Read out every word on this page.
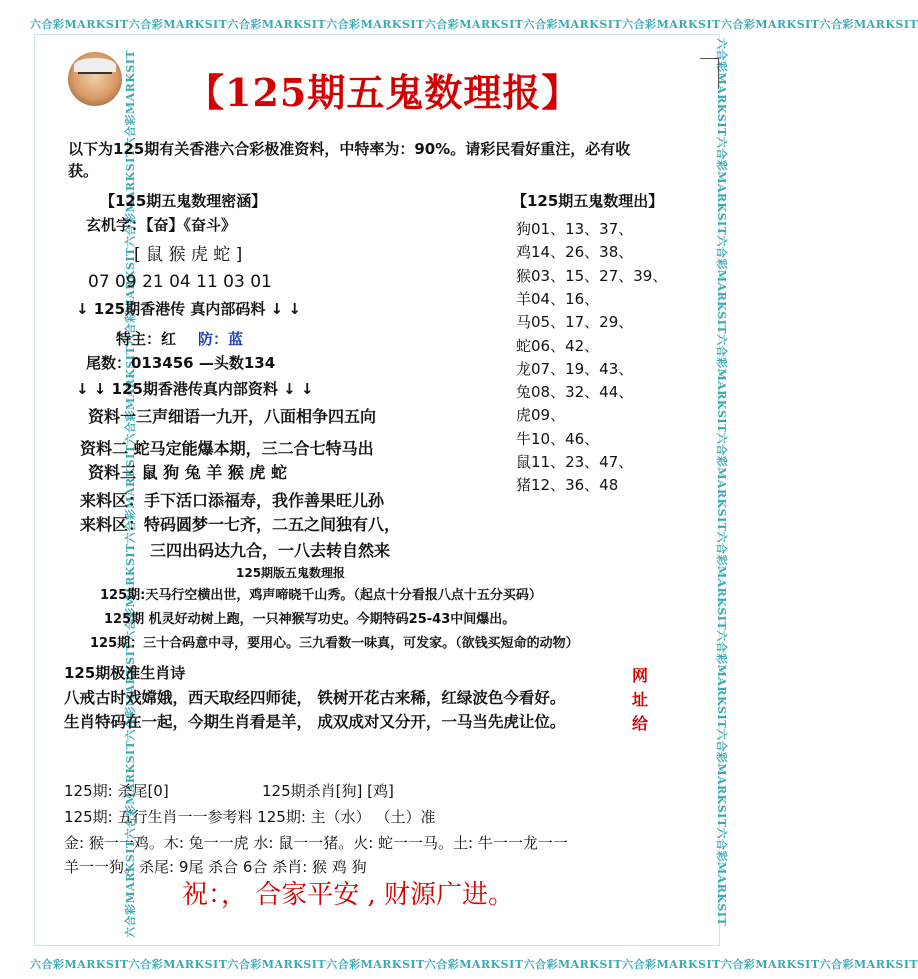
六合彩MARKSIT六合彩MARKSIT六合彩MARKSIT六合彩MARKSIT六合彩MARKSIT六合彩MARKSIT六合彩MARKSIT六合彩MARKSIT六合彩MARKSIT
六合彩MARKSIT六合彩MARKSIT六合彩MARKSIT六合彩MARKSIT六合彩MARKSIT六合彩MARKSIT六合彩MARKSIT六合彩MARKSIT六合彩MARKSIT
六合彩MARKSIT六合彩MARKSIT六合彩MARKSIT六合彩MARKSIT六合彩MARKSIT六合彩MARKSIT六合彩MARKSIT六合彩MARKSIT六合彩MARKSIT	六合彩MARKSIT六合彩MARKSIT六合彩MARKSIT六合彩MARKSIT六合彩MARKSIT六合彩MARKSIT六合彩MARKSIT六合彩MARKSIT六合彩MARKSIT
【125期五鬼数理报】
以下为125期有关香港六合彩极准资料，中特率为：90%。请彩民看好重注，必有收
获。
【125期五鬼数理密涵】
玄机字：【奋】《奋斗》
[ 鼠 猴 虎 蛇 ]
07 09 21 04 11 03 01
↓ 125期香港传 真内部码料 ↓ ↓
特主：红 防：蓝
尾数：013456 —头数134
↓ ↓ 125期香港传真内部资料 ↓ ↓
资料一三声细语一九开，八面相争四五向
资料二 蛇马定能爆本期，三二合七特马出
资料三 鼠 狗 兔 羊 猴 虎 蛇
来料区：手下活口添福寿，我作善果旺儿孙
来料区：特码圆梦一七齐，二五之间独有八，
三四出码达九合，一八去转自然来
【125期五鬼数理出】
狗01、13、37、
鸡14、26、38、
猴03、15、27、39、
羊04、16、
马05、17、29、
蛇06、42、
龙07、19、43、
兔08、32、44、
虎09、
牛10、46、
鼠11、23、47、
猪12、36、48
125期版五鬼数理报
125期:天马行空横出世，鸡声啼晓千山秀。（起点十分看报八点十五分买码）
125期 机灵好动树上跑，一只神猴写功史。今期特码25-43中间爆出。
125期：三十合码意中寻，要用心。三九看数一味真，可发家。（欲钱买短命的动物）
125期极准生肖诗
八戒古时戏嫦娥，西天取经四师徒， 铁树开花古来稀，红绿波色今看好。
生肖特码在一起，今期生肖看是羊， 成双成对又分开，一马当先虎让位。
网址给
125期: 杀尾[0]	125期杀肖[狗] [鸡]
125期: 五行生肖一一参考料 125期: 主（水） （土）准
金: 猴一一鸡。木: 兔一一虎 水: 鼠一一猪。火: 蛇一一马。土: 牛一一龙一一
羊一一狗。杀尾: 9尾 杀合 6合 杀肖: 猴 鸡 狗
祝：， 合家平安 , 财源广进。
